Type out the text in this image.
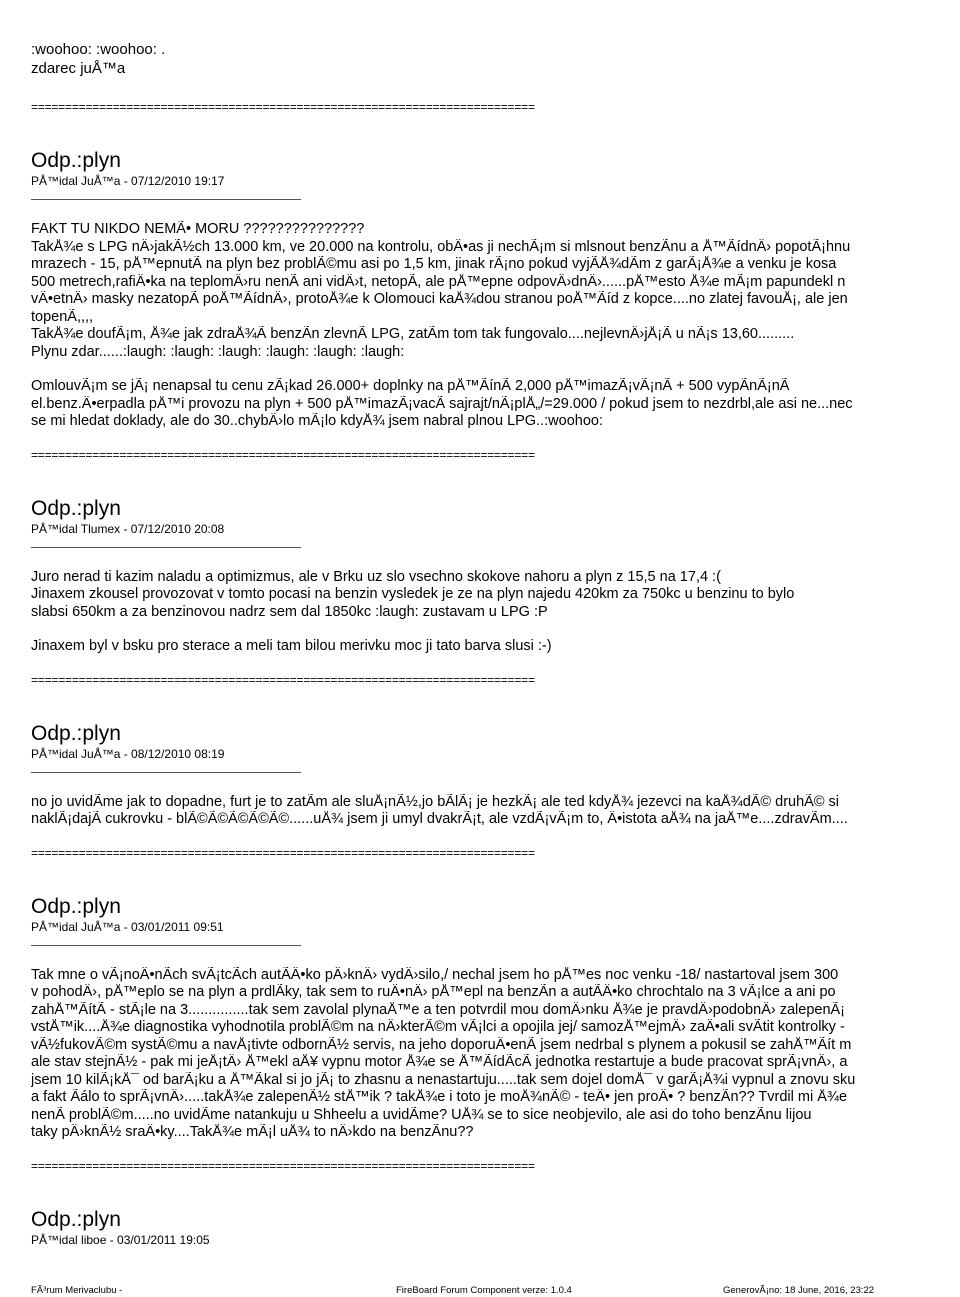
:woohoo: :woohoo: .
zdarec juÅ™a
==========================================================================
Odp.:plyn
PÅ™idal JuÅ™a - 07/12/2010 19:17
FAKT TU NIKDO NEMÃ• MORU ???????????????
TakÅ¾e s LPG nÄ›jakÃ½ch 13.000 km, ve 20.000 na kontrolu, obÄ•as ji nechÃ¡m si mlsnout benzÃnu a Å™ÃídnÄ› popotÃ¡hnu
mrazech - 15, pÅ™epnutÃ na plyn bez problÃ©mu asi po 1,5 km, jinak rÃ¡no pokud vyjÃÅ¾dÃm z garÃ¡Å¾e a venku je kosa
500 metrech,rafiÄ•ka na teplomÄ›ru nenÃ ani vidÄ›t, netopÃ, ale pÅ™epne odpovÄ›dnÄ›......pÅ™esto Å¾e mÃ¡m papundekl n
vÄ•etnÄ› masky nezatopÃ poÅ™ÃídnÄ›, protoÅ¾e k Olomouci kaÅ¾dou stranou poÅ™Ãíd z kopce....no zlatej favouÅ¡, ale jen
topenÃ,,,,
TakÅ¾e doufÃ¡m, Å¾e jak zdraÅ¾Ã benzÃn zlevnÃ LPG, zatÃm tom tak fungovalo....nejlevnÄ›jÅ¡Ã u nÃ¡s 13,60.........
Plynu zdar......:laugh: :laugh: :laugh: :laugh: :laugh: :laugh:
OmlouvÃ¡m se jÃ¡ nenapsal tu cenu zÃ¡kad 26.000+ doplnky na pÅ™ÃínÃ 2,000 pÅ™imazÃ¡vÃ¡nÃ + 500 vypÃnÃ¡nÃ
el.benz.Ä•erpadla pÅ™i provozu na plyn + 500 pÅ™imazÃ¡vacÃ sajrajt/nÃ¡plÅ„/=29.000 / pokud jsem to nezdrbl,ale asi ne...nec
se mi hledat doklady, ale do 30..chybÄ›lo mÃ¡lo kdyÅ¾ jsem nabral plnou LPG..:woohoo:
==========================================================================
Odp.:plyn
PÅ™idal Tlumex - 07/12/2010 20:08
Juro nerad ti kazim naladu a optimizmus, ale v Brku uz slo vsechno skokove nahoru a plyn z 15,5 na 17,4 :(
Jinaxem zkousel provozovat v tomto pocasi na benzin vysledek je ze na plyn najedu 420km za 750kc u benzinu to bylo
slabsi 650km a za benzinovou nadrz sem dal 1850kc :laugh: zustavam u LPG :P
Jinaxem byl v bsku pro sterace a meli tam bilou merivku moc ji tato barva slusi :-)
==========================================================================
Odp.:plyn
PÅ™idal JuÅ™a - 08/12/2010 08:19
no jo uvidÃme jak to dopadne, furt je to zatÃm ale sluÅ¡nÃ½,jo bÃlÃ¡ je hezkÃ¡ ale ted kdyÅ¾ jezevci na kaÅ¾dÃ© druhÃ© si
naklÃ¡dajÃ cukrovku - blÃ©Ã©Ã©Ã©Ã©......uÅ¾ jsem ji umyl dvakrÃ¡t, ale vzdÃ¡vÃ¡m to, Ä•istota aÅ¾ na jaÅ™e....zdravÃm....
==========================================================================
Odp.:plyn
PÅ™idal JuÅ™a - 03/01/2011 09:51
Tak mne o vÃ¡noÄ•nÃch svÃ¡tcÃch autÃÄ•ko pÄ›knÄ› vydÄ›silo,/ nechal jsem ho pÅ™es noc venku -18/ nastartoval jsem 300
v pohodÄ›, pÅ™eplo se na plyn a prdlÃky, tak sem to ruÄ•nÄ› pÅ™epl na benzÃn a autÃÄ•ko chrochtalo na 3 vÃ¡lce a ani po
zahÅ™ÃítÃ - stÃ¡le na 3...............tak sem zavolal plynaÅ™e a ten potvrdil mou domÄ›nku Å¾e je pravdÄ›podobnÄ› zalepenÃ¡
vstÅ™ik....Å¾e diagnostika vyhodnotila problÃ©m na nÄ›kterÃ©m vÃ¡lci a opojila jej/ samozÅ™ejmÄ› zaÄ•ali svÃtit kontrolky -
vÃ½fukovÃ©m systÃ©mu a navÅ¡tivte odbornÃ½ servis, na jeho doporuÄ•enÃ jsem nedrbal s plynem a pokusil se zahÅ™Ãít m
ale stav stejnÃ½ - pak mi jeÅ¡tÄ› Å™ekl aÅ¥ vypnu motor Å¾e se Å™ÃídÃcÃ jednotka restartuje a bude pracovat sprÃ¡vnÄ›, a
jsem 10 kilÃ¡kÅ¯ od barÃ¡ku a Å™Ãkal si jo jÃ¡ to zhasnu a nenastartuju.....tak sem dojel domÅ¯ v garÃ¡Å¾i vypnul a znovu sku
a fakt Ãálo to sprÃ¡vnÄ›.....takÅ¾e zalepenÃ½ stÅ™ik ? takÅ¾e i toto je moÅ¾nÃ© - teÄ• jen proÄ• ? benzÃn?? Tvrdil mi Å¾e
nenÃ problÃ©m.....no uvidÃme natankuju u Shheelu a uvidÃme? UÅ¾ se to sice neobjevilo, ale asi do toho benzÃnu lijou
taky pÄ›knÃ½ sraÄ•ky....TakÅ¾e mÃ¡l uÅ¾ to nÄ›kdo na benzÃnu??
==========================================================================
Odp.:plyn
PÅ™idal liboe - 03/01/2011 19:05
FÃ³rum Merivaclubu -	FireBoard Forum Component verze: 1.0.4	GenerovÃ¡no: 18 June, 2016, 23:22
